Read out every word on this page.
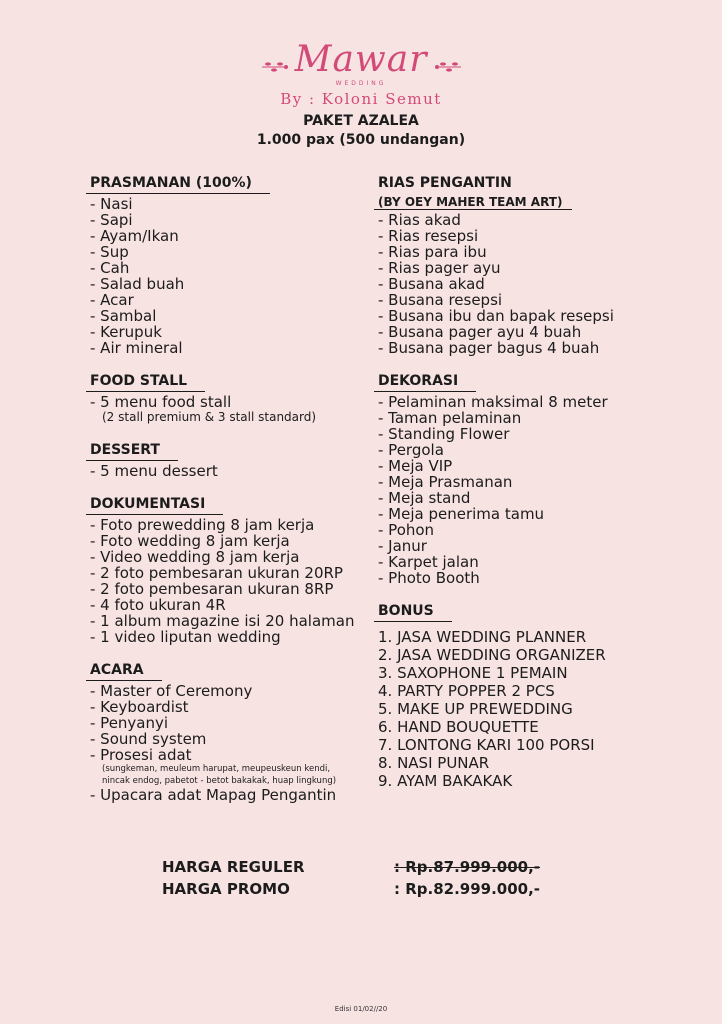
Mawar
WEDDING
By : Koloni Semut
PAKET AZALEA
1.000 pax (500 undangan)
PRASMANAN (100%)
- Nasi
- Sapi
- Ayam/Ikan
- Sup
- Cah
- Salad buah
- Acar
- Sambal
- Kerupuk
- Air mineral
FOOD STALL
- 5 menu food stall
(2 stall premium & 3 stall standard)
DESSERT
- 5 menu dessert
DOKUMENTASI
- Foto prewedding 8 jam kerja
- Foto wedding 8 jam kerja
- Video wedding 8 jam kerja
- 2 foto pembesaran ukuran 20RP
- 2 foto pembesaran ukuran 8RP
- 4 foto ukuran 4R
- 1 album magazine isi 20 halaman
- 1 video liputan wedding
ACARA
- Master of Ceremony
- Keyboardist
- Penyanyi
- Sound system
- Prosesi adat
(sungkeman, meuleum harupat, meupeuskeun kendi,
nincak endog, pabetot - betot bakakak, huap lingkung)
- Upacara adat Mapag Pengantin
RIAS PENGANTIN
(BY OEY MAHER TEAM ART)
- Rias akad
- Rias resepsi
- Rias para ibu
- Rias pager ayu
- Busana akad
- Busana resepsi
- Busana ibu dan bapak resepsi
- Busana pager ayu 4 buah
- Busana pager bagus 4 buah
DEKORASI
- Pelaminan maksimal 8 meter
- Taman pelaminan
- Standing Flower
- Pergola
- Meja VIP
- Meja Prasmanan
- Meja stand
- Meja penerima tamu
- Pohon
- Janur
- Karpet jalan
- Photo Booth
BONUS
1. JASA WEDDING PLANNER
2. JASA WEDDING ORGANIZER
3. SAXOPHONE 1 PEMAIN
4. PARTY POPPER 2 PCS
5. MAKE UP PREWEDDING
6. HAND BOUQUETTE
7. LONTONG KARI 100 PORSI
8. NASI PUNAR
9. AYAM BAKAKAK
HARGA REGULER	: Rp.87.999.000,-
HARGA PROMO	: Rp.82.999.000,-
Edisi 01/02//20
